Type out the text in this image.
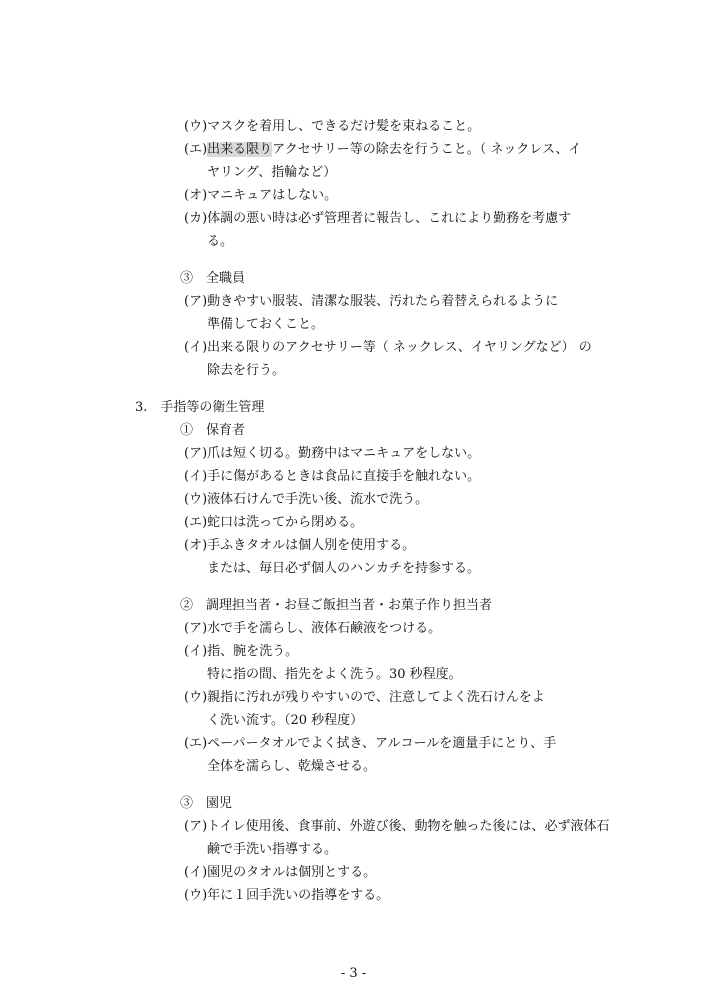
(ウ)マスクを着用し、できるだけ髪を束ねること。
(エ)出来る限りアクセサリー等の除去を行うこと。（ ネックレス、イ
ヤリング、指輪など）
(オ)マニキュアはしない。
(カ)体調の悪い時は必ず管理者に報告し、これにより勤務を考慮す
る。
③　全職員
(ア)動きやすい服装、清潔な服装、汚れたら着替えられるように
準備しておくこと。
(イ)出来る限りのアクセサリー等（ ネックレス、イヤリングなど） の
除去を行う。
3.　手指等の衛生管理
①　保育者
(ア)爪は短く切る。勤務中はマニキュアをしない。
(イ)手に傷があるときは食品に直接手を触れない。
(ウ)液体石けんで手洗い後、流水で洗う。
(エ)蛇口は洗ってから閉める。
(オ)手ふきタオルは個人別を使用する。
または、毎日必ず個人のハンカチを持参する。
②　調理担当者・お昼ご飯担当者・お菓子作り担当者
(ア)水で手を濡らし、液体石鹸液をつける。
(イ)指、腕を洗う。
特に指の間、指先をよく洗う。30 秒程度。
(ウ)親指に汚れが残りやすいので、注意してよく洗石けんをよ
く洗い流す。（20 秒程度）
(エ)ペーパータオルでよく拭き、アルコールを適量手にとり、手
全体を濡らし、乾燥させる。
③　園児
(ア)トイレ使用後、食事前、外遊び後、動物を触った後には、必ず液体石
鹸で手洗い指導する。
(イ)園児のタオルは個別とする。
(ウ)年に１回手洗いの指導をする。
- 3 -
